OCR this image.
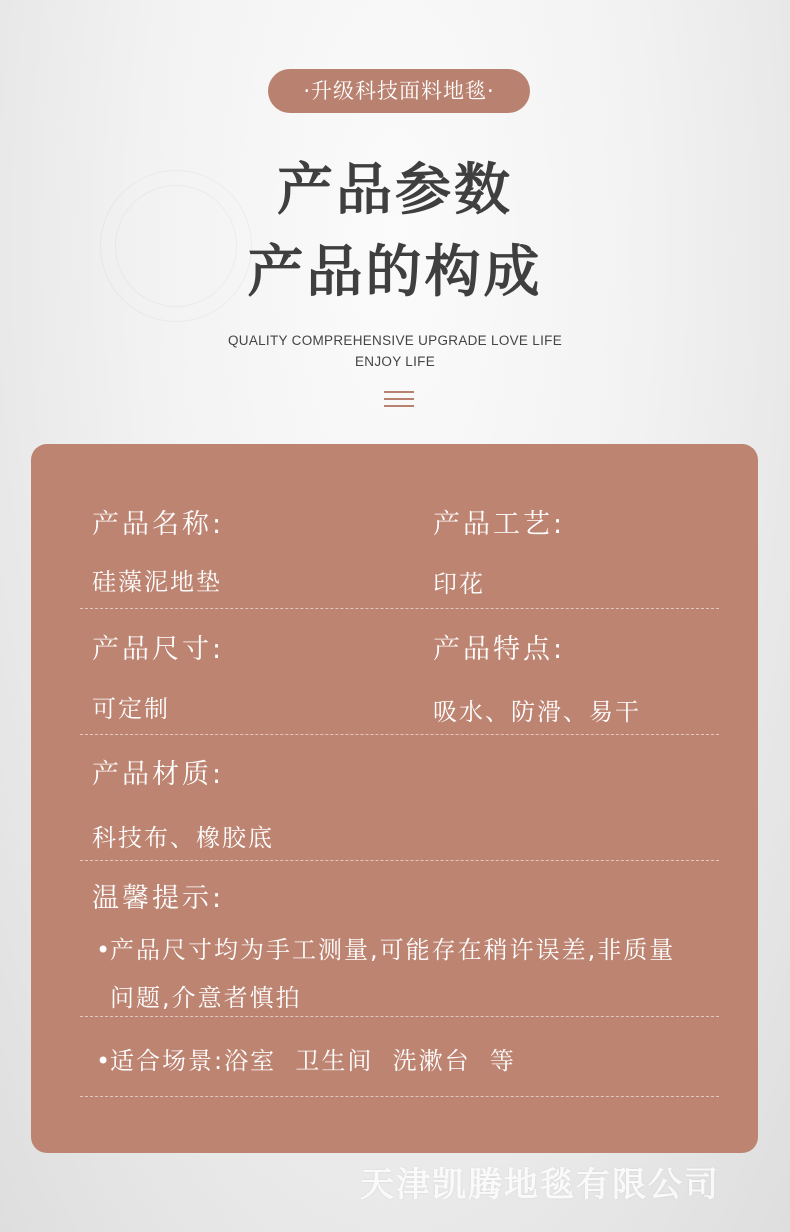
·升级科技面料地毯·
产品参数
产品的构成
QUALITY COMPREHENSIVE UPGRADE LOVE LIFE
ENJOY LIFE
产品名称:
硅藻泥地垫
产品工艺:
印花
产品尺寸:
可定制
产品特点:
吸水、防滑、易干
产品材质:
科技布、橡胶底
温馨提示:
•
产品尺寸均为手工测量,可能存在稍许误差,非质量
问题,介意者慎拍
•
适合场景:浴室  卫生间  洗漱台  等
天津凯腾地毯有限公司
